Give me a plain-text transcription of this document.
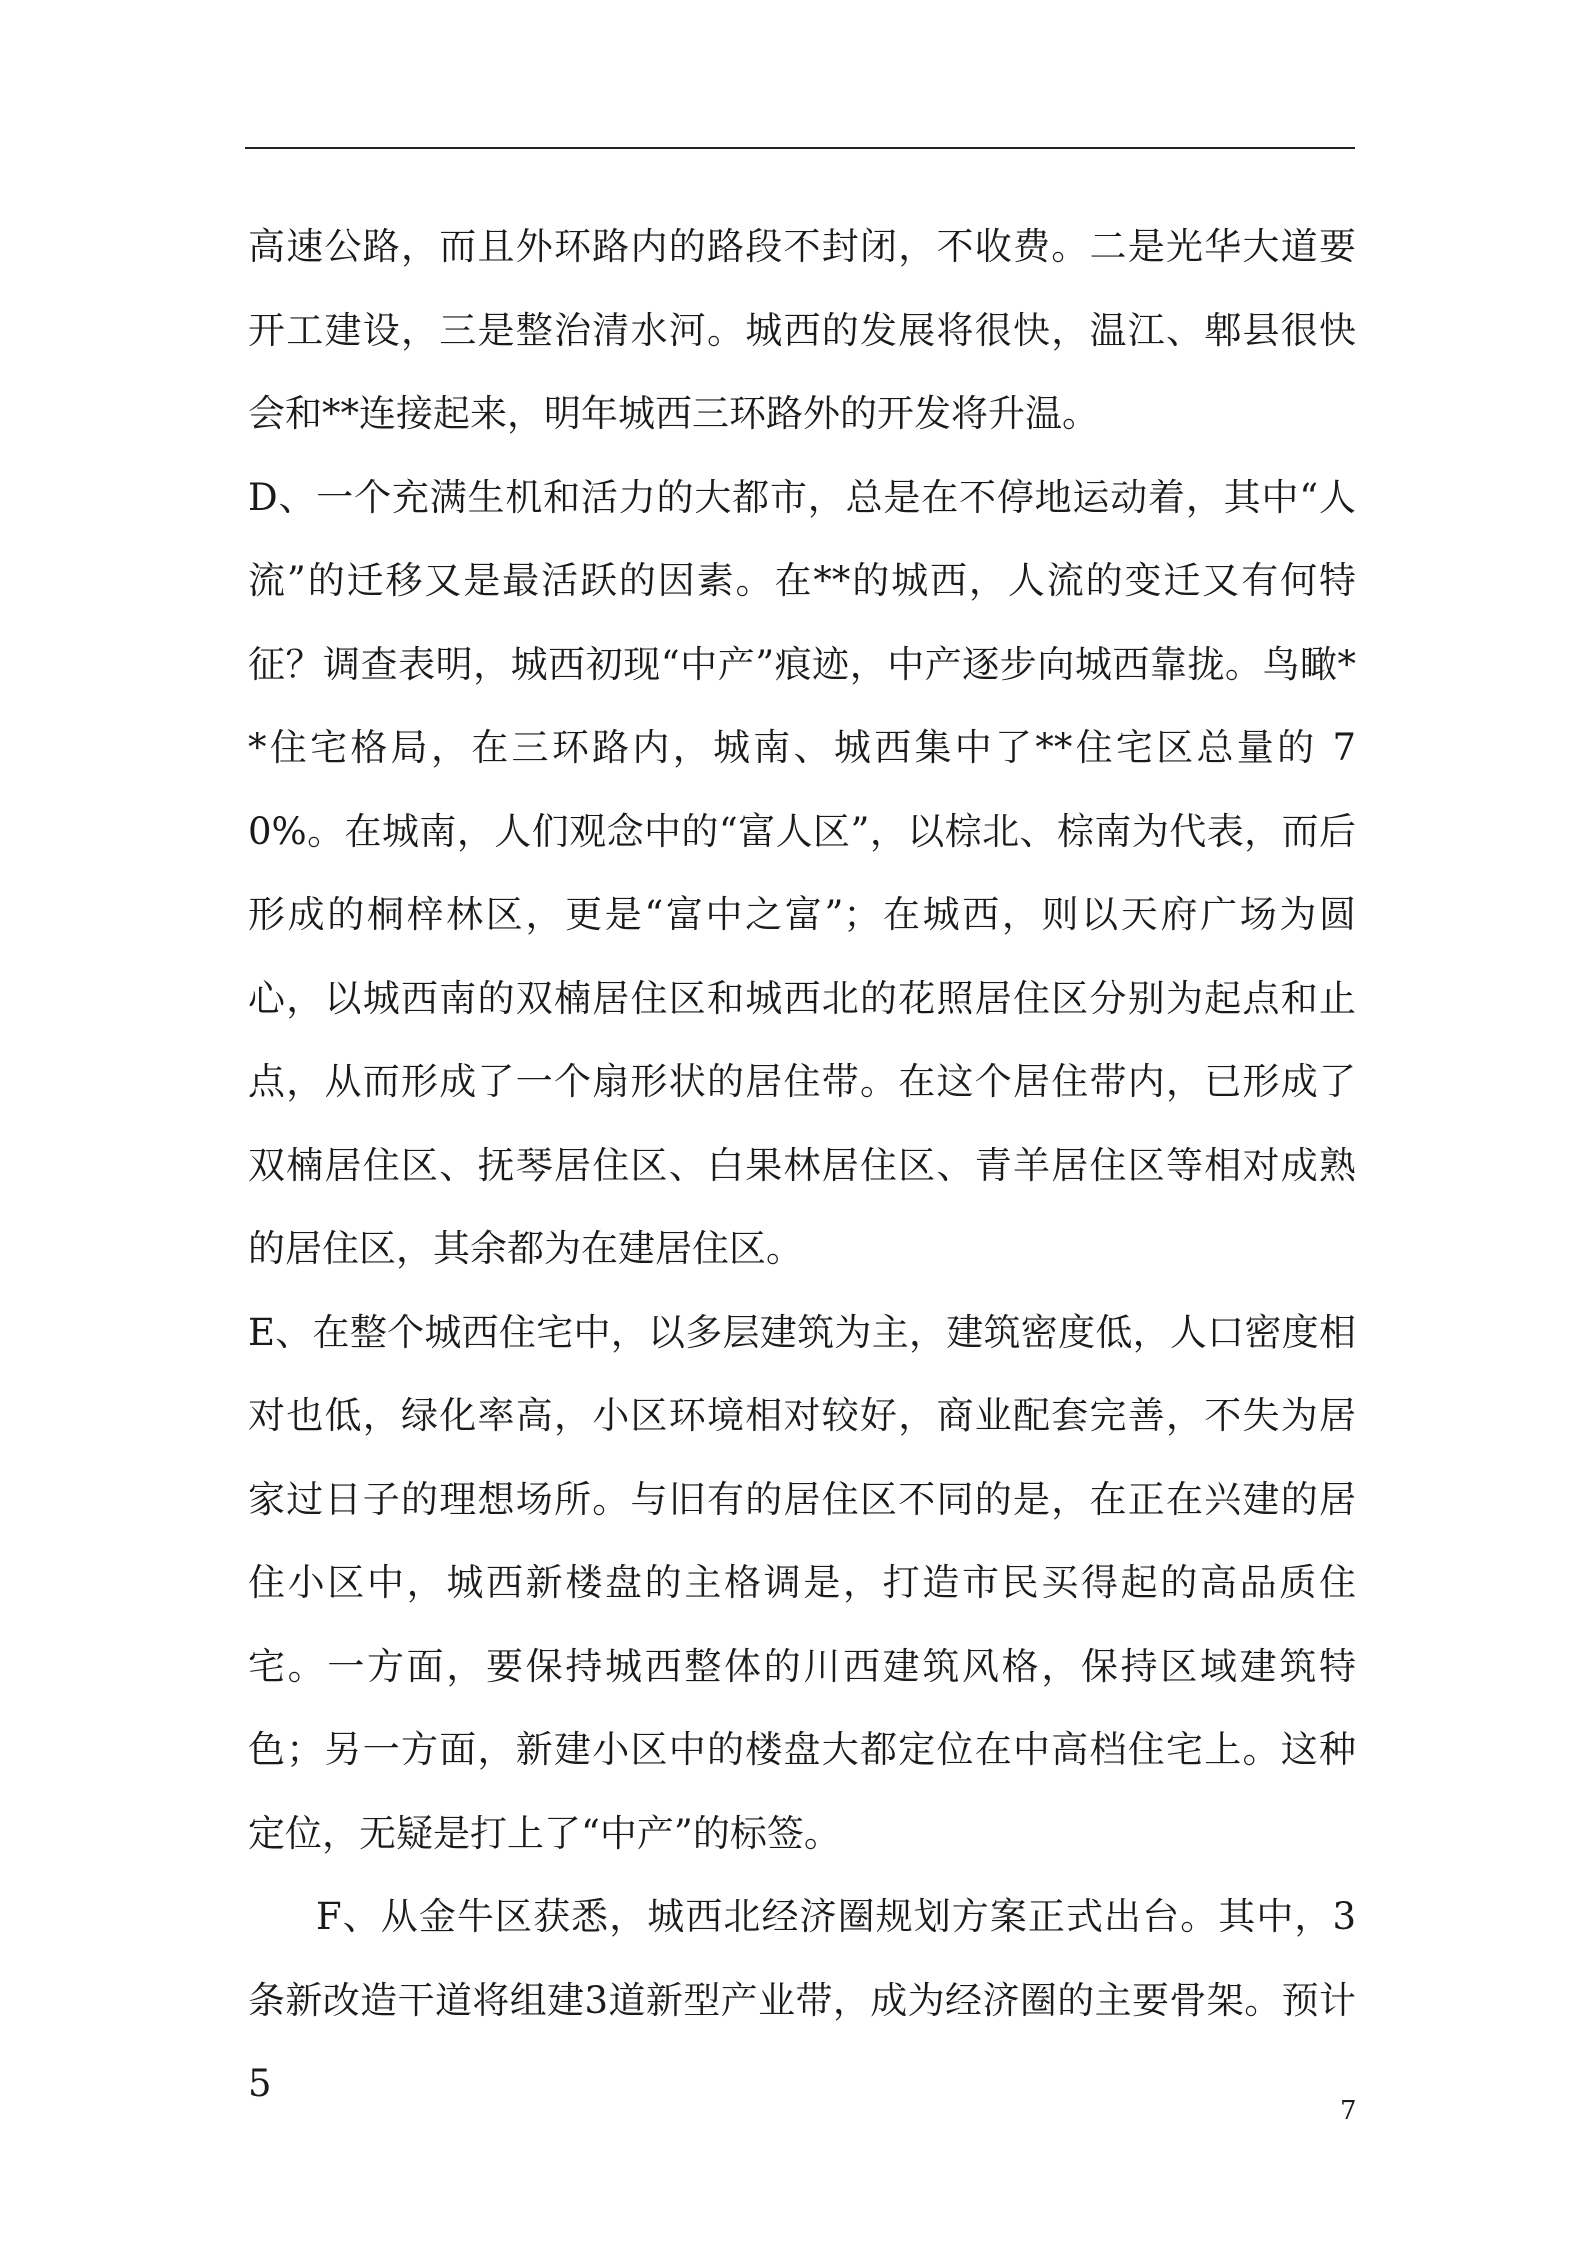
高速公路，而且外环路内的路段不封闭，不收费。二是光华大道要开工建设，三是整治清水河。城西的发展将很快，温江、郫县很快会和**连接起来，明年城西三环路外的开发将升温。

D、一个充满生机和活力的大都市，总是在不停地运动着，其中“人流”的迁移又是最活跃的因素。在**的城西，人流的变迁又有何特征？调查表明，城西初现“中产”痕迹，中产逐步向城西靠拢。鸟瞰**住宅格局，在三环路内，城南、城西集中了**住宅区总量的 70%。在城南，人们观念中的“富人区”，以棕北、棕南为代表，而后形成的桐梓林区，更是“富中之富”；在城西，则以天府广场为圆心，以城西南的双楠居住区和城西北的花照居住区分别为起点和止点，从而形成了一个扇形状的居住带。在这个居住带内，已形成了双楠居住区、抚琴居住区、白果林居住区、青羊居住区等相对成熟的居住区，其余都为在建居住区。

E、在整个城西住宅中，以多层建筑为主，建筑密度低，人口密度相对也低，绿化率高，小区环境相对较好，商业配套完善，不失为居家过日子的理想场所。与旧有的居住区不同的是，在正在兴建的居住小区中，城西新楼盘的主格调是，打造市民买得起的高品质住宅。一方面，要保持城西整体的川西建筑风格，保持区域建筑特色；另一方面，新建小区中的楼盘大都定位在中高档住宅上。这种定位，无疑是打上了“中产”的标签。

F、从金牛区获悉，城西北经济圈规划方案正式出台。其中，3条新改造干道将组建3道新型产业带，成为经济圈的主要骨架。预计5

7
